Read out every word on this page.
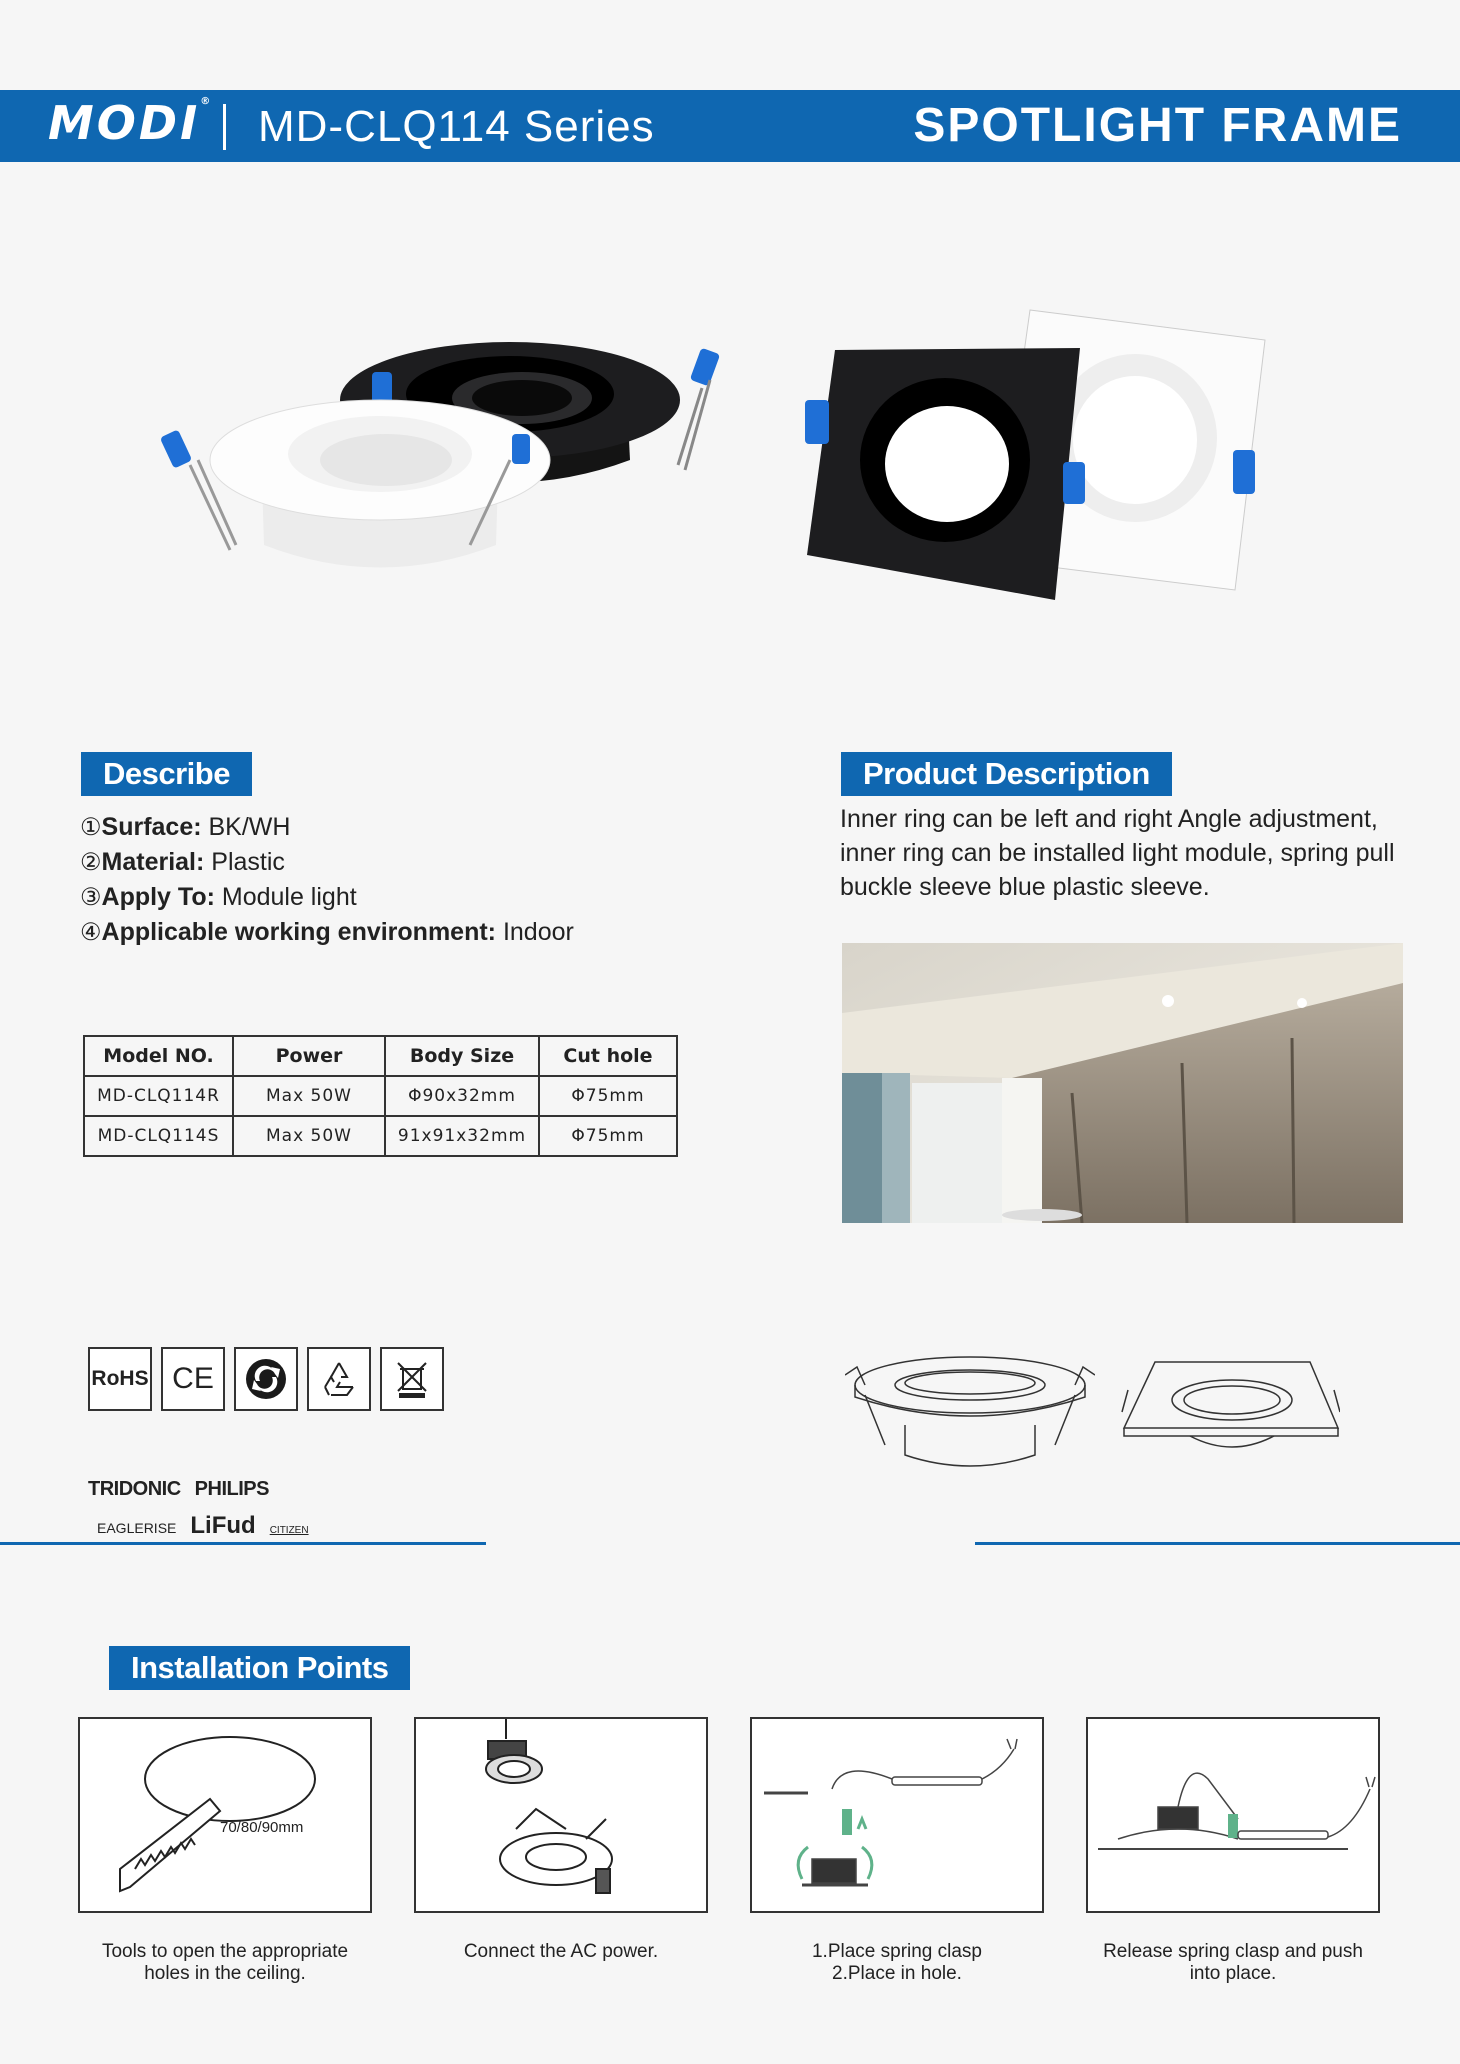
MODI®
MD-CLQ114 Series	SPOTLIGHT FRAME
Describe
①Surface: BK/WH
②Material: Plastic
③Apply To: Module light
④Applicable working environment: Indoor
Product Description
Inner ring can be left and right Angle adjustment, inner ring can be installed light module, spring pull buckle sleeve blue plastic sleeve.
Model NO.	Power	Body Size	Cut hole
MD-CLQ114R	Max 50W	Φ90x32mm	Φ75mm
MD-CLQ114S	Max 50W	91x91x32mm	Φ75mm
RoHS CE
TRIDONIC PHILIPS
EAGLERISE LiFud CITIZEN
Installation Points
70/80/90mm
Tools to open the appropriate
holes in the ceiling.
Connect the AC power.	1.Place spring clasp
2.Place in hole.
Release spring clasp and push
into place.
